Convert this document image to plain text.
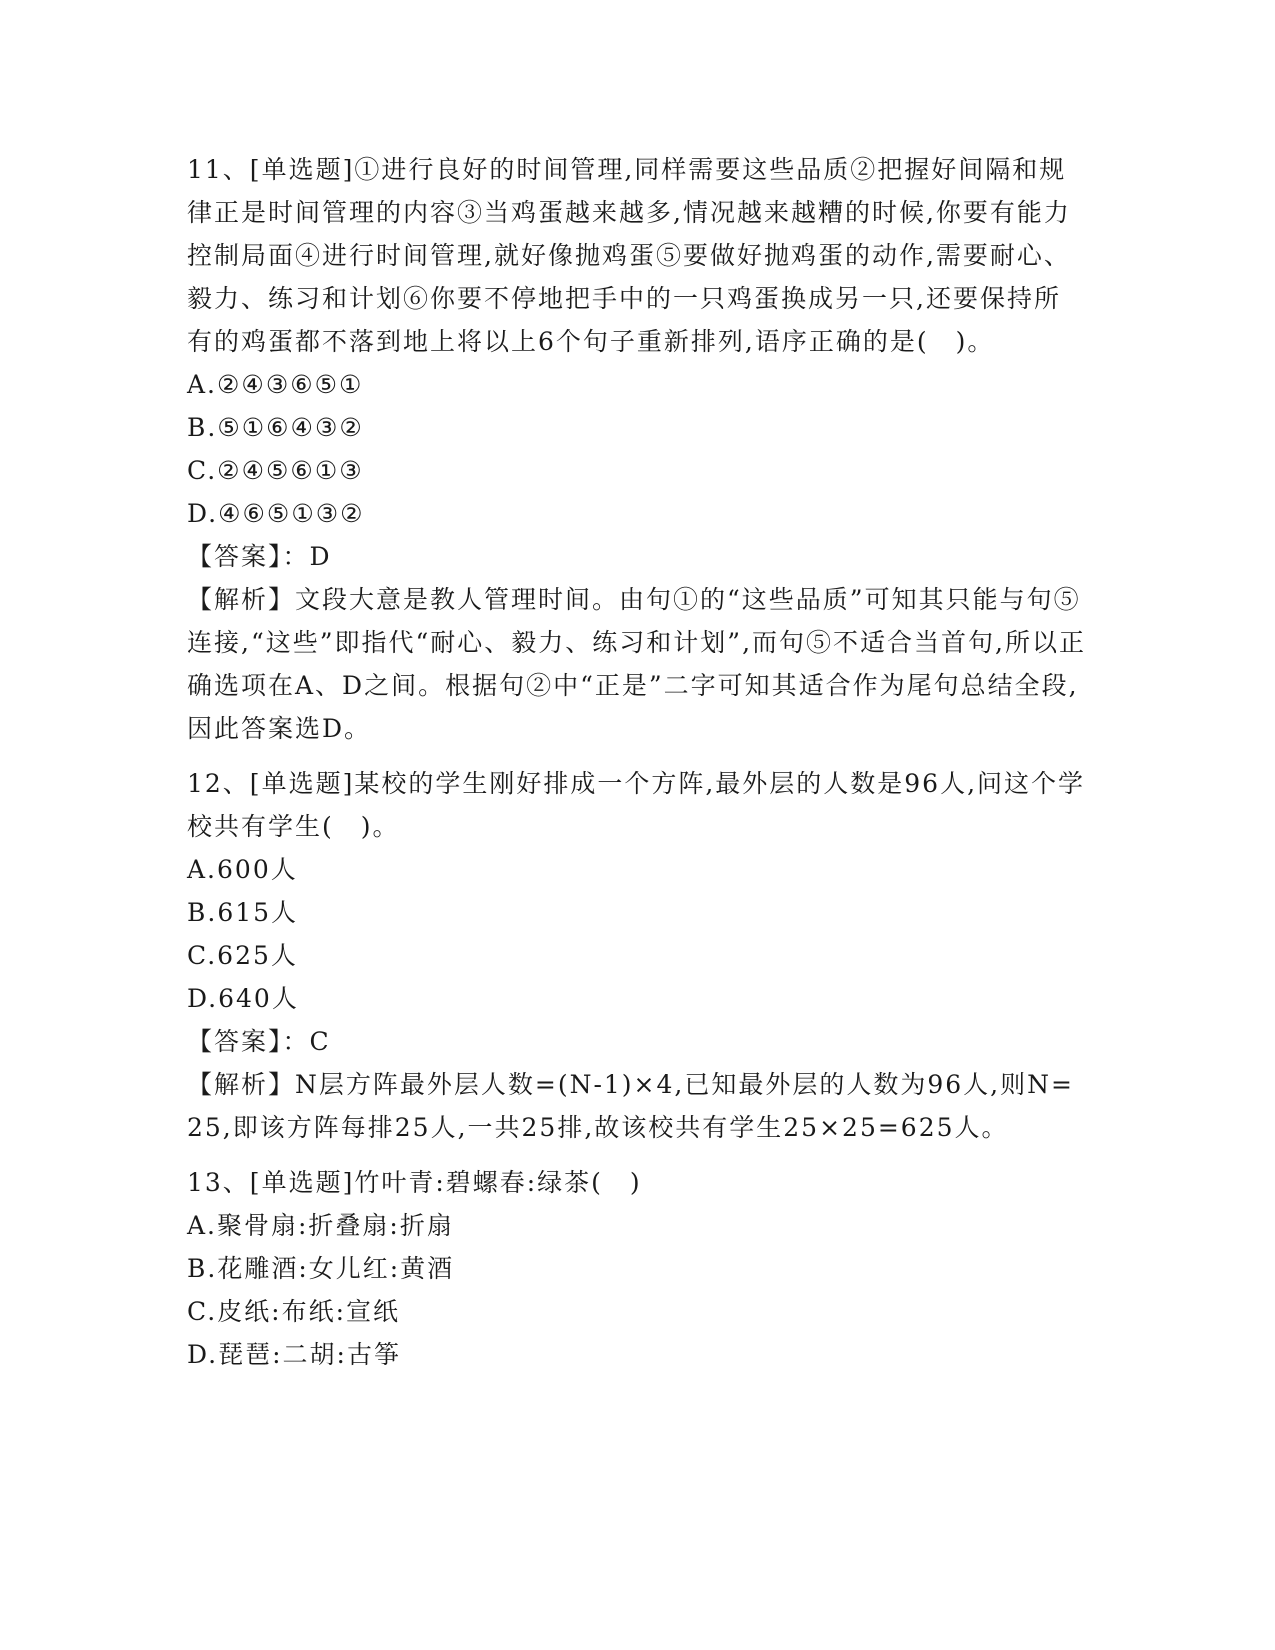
11、[单选题]①进行良好的时间管理,同样需要这些品质②把握好间隔和规律正是时间管理的内容③当鸡蛋越来越多,情况越来越糟的时候,你要有能力控制局面④进行时间管理,就好像抛鸡蛋⑤要做好抛鸡蛋的动作,需要耐心、毅力、练习和计划⑥你要不停地把手中的一只鸡蛋换成另一只,还要保持所有的鸡蛋都不落到地上将以上6个句子重新排列,语序正确的是(　)。

A.②④③⑥⑤①

B.⑤①⑥④③②

C.②④⑤⑥①③

D.④⑥⑤①③②

【答案】：D

【解析】文段大意是教人管理时间。由句①的“这些品质”可知其只能与句⑤连接,“这些”即指代“耐心、毅力、练习和计划”,而句⑤不适合当首句,所以正确选项在A、D之间。根据句②中“正是”二字可知其适合作为尾句总结全段,因此答案选D。

12、[单选题]某校的学生刚好排成一个方阵,最外层的人数是96人,问这个学校共有学生(　)。

A.600人

B.615人

C.625人

D.640人

【答案】：C

【解析】N层方阵最外层人数=(N-1)×4,已知最外层的人数为96人,则N=25,即该方阵每排25人,一共25排,故该校共有学生25×25=625人。

13、[单选题]竹叶青:碧螺春:绿茶(　)

A.聚骨扇:折叠扇:折扇

B.花雕酒:女儿红:黄酒

C.皮纸:布纸:宣纸

D.琵琶:二胡:古筝
